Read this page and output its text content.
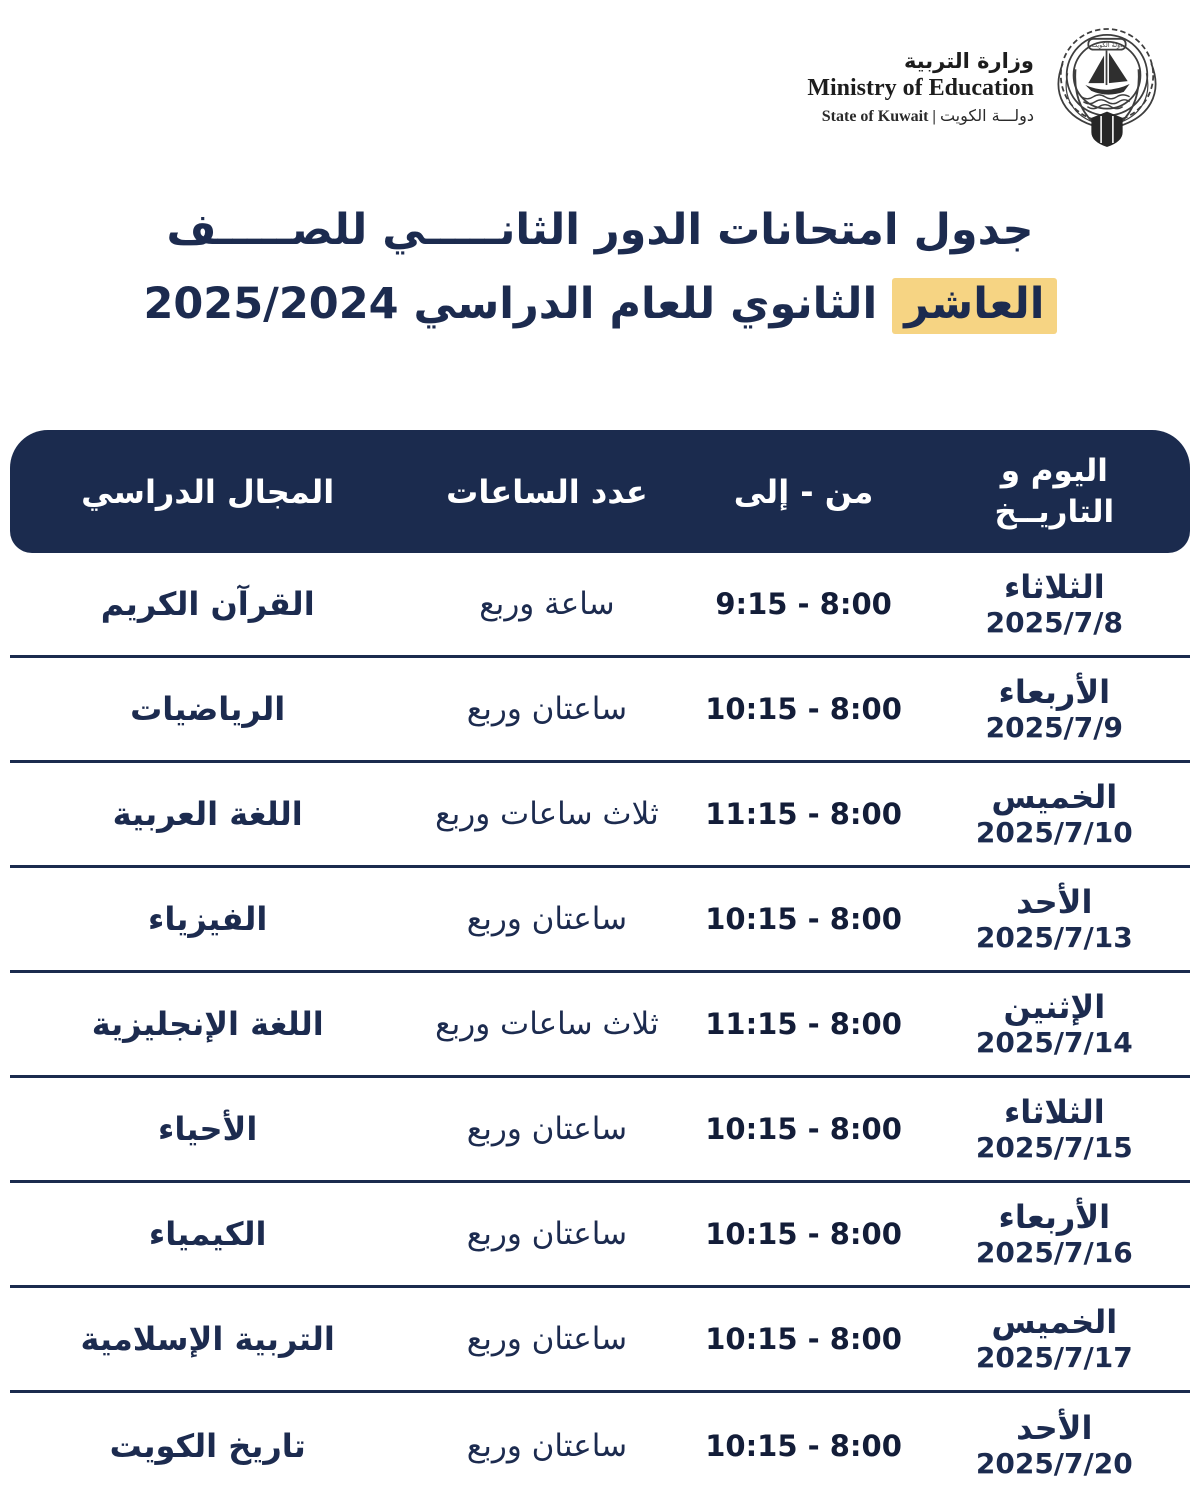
وزارة التربية
Ministry of Education
State of Kuwait | دولـــة الكويت
دولة الكويت
جدول امتحانات الدور الثانـــــي للصـــــف
العاشر الثانوي للعام الدراسي 2025/2024
اليوم و
التاريــخ
من - إلى
عدد الساعات
المجال الدراسي
الثلاثاء
2025/7/8
9:15 - 8:00
ساعة وربع
القرآن الكريم
الأربعاء
2025/7/9
10:15 - 8:00
ساعتان وربع
الرياضيات
الخميس
2025/7/10
11:15 - 8:00
ثلاث ساعات وربع
اللغة العربية
الأحد
2025/7/13
10:15 - 8:00
ساعتان وربع
الفيزياء
الإثنين
2025/7/14
11:15 - 8:00
ثلاث ساعات وربع
اللغة الإنجليزية
الثلاثاء
2025/7/15
10:15 - 8:00
ساعتان وربع
الأحياء
الأربعاء
2025/7/16
10:15 - 8:00
ساعتان وربع
الكيمياء
الخميس
2025/7/17
10:15 - 8:00
ساعتان وربع
التربية الإسلامية
الأحد
2025/7/20
10:15 - 8:00
ساعتان وربع
تاريخ الكويت
